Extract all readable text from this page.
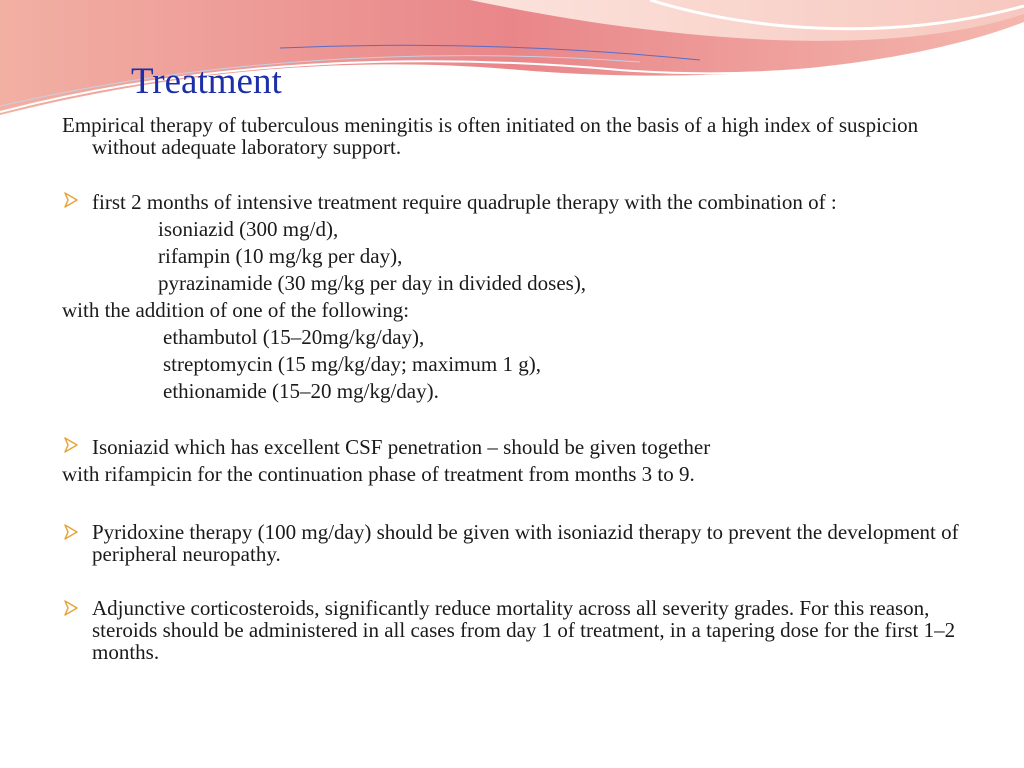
Treatment

Empirical therapy of tuberculous meningitis is often initiated on the basis of a high index of suspicion without adequate laboratory support.

first 2 months of intensive treatment require quadruple therapy with the combination of :

isoniazid (300 mg/d),

rifampin (10 mg/kg per day),

pyrazinamide (30 mg/kg per day in divided doses),

with the addition of one of the following:

ethambutol (15–20mg/kg/day),

streptomycin (15 mg/kg/day; maximum 1 g),

ethionamide (15–20 mg/kg/day).

Isoniazid which has excellent CSF penetration – should be given together

with rifampicin for the continuation phase of treatment from months 3 to 9.

Pyridoxine therapy (100 mg/day) should be given with isoniazid therapy to prevent the development of peripheral neuropathy.

Adjunctive corticosteroids, significantly reduce mortality across all severity grades. For this reason, steroids should be administered in all cases from day 1 of treatment, in a tapering dose for the first 1–2 months.
